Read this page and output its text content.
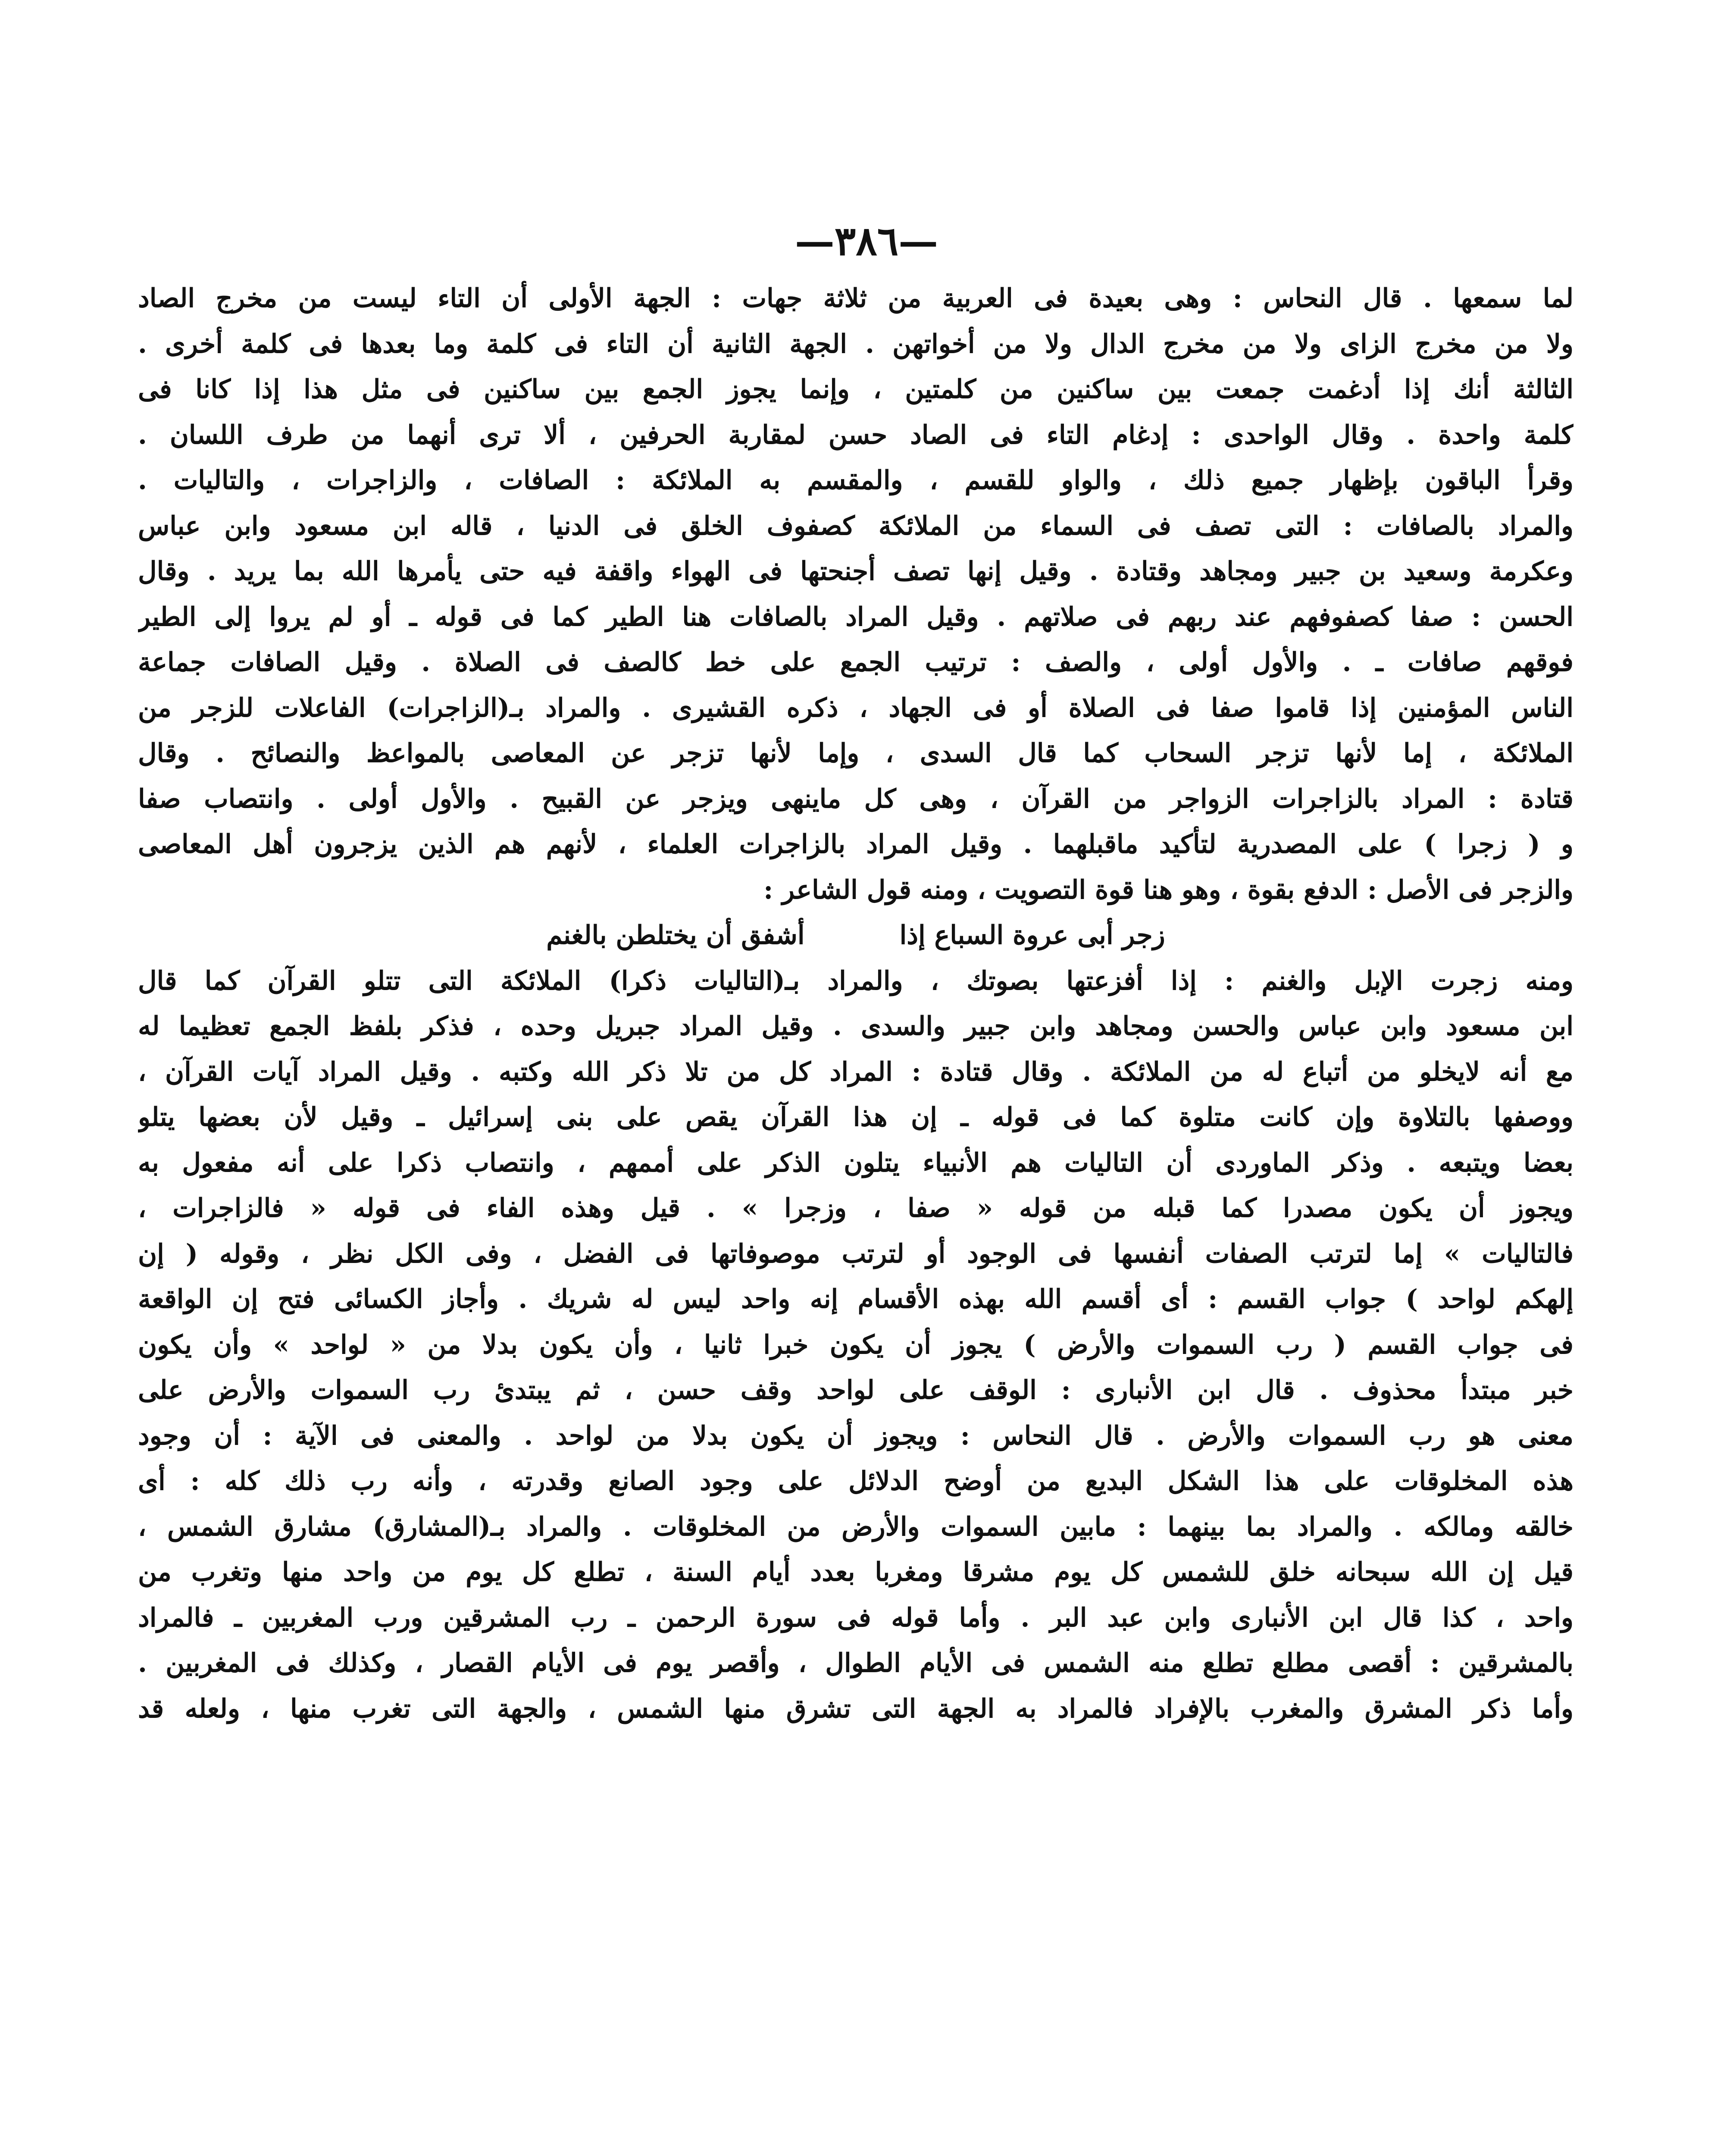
—٣٨٦—
لما سمعها . قال النحاس : وهى بعيدة فى العربية من ثلاثة جهات : الجهة الأولى أن التاء ليست من مخرج الصاد
ولا من مخرج الزاى ولا من مخرج الدال ولا من أخواتهن . الجهة الثانية أن التاء فى كلمة وما بعدها فى كلمة أخرى .
الثالثة أنك إذا أدغمت جمعت بين ساكنين من كلمتين ، وإنما يجوز الجمع بين ساكنين فى مثل هذا إذا كانا فى
كلمة واحدة . وقال الواحدى : إدغام التاء فى الصاد حسن لمقاربة الحرفين ، ألا ترى أنهما من طرف اللسان .
وقرأ الباقون بإظهار جميع ذلك ، والواو للقسم ، والمقسم به الملائكة : الصافات ، والزاجرات ، والتاليات .
والمراد بالصافات : التى تصف فى السماء من الملائكة كصفوف الخلق فى الدنيا ، قاله ابن مسعود وابن عباس
وعكرمة وسعيد بن جبير ومجاهد وقتادة . وقيل إنها تصف أجنحتها فى الهواء واقفة فيه حتى يأمرها الله بما يريد . وقال
الحسن : صفا كصفوفهم عند ربهم فى صلاتهم . وقيل المراد بالصافات هنا الطير كما فى قوله ـ أو لم يروا إلى الطير
فوقهم صافات ـ . والأول أولى ، والصف : ترتيب الجمع على خط كالصف فى الصلاة . وقيل الصافات جماعة
الناس المؤمنين إذا قاموا صفا فى الصلاة أو فى الجهاد ، ذكره القشيرى . والمراد بـ(الزاجرات) الفاعلات للزجر من
الملائكة ، إما لأنها تزجر السحاب كما قال السدى ، وإما لأنها تزجر عن المعاصى بالمواعظ والنصائح . وقال
قتادة : المراد بالزاجرات الزواجر من القرآن ، وهى كل ماينهى ويزجر عن القبيح . والأول أولى . وانتصاب صفا
و ( زجرا ) على المصدرية لتأكيد ماقبلهما . وقيل المراد بالزاجرات العلماء ، لأنهم هم الذين يزجرون أهل المعاصى
والزجر فى الأصل : الدفع بقوة ، وهو هنا قوة التصويت ، ومنه قول الشاعر :
زجر أبى عروة السباع إذا
أشفق أن يختلطن بالغنم
ومنه زجرت الإبل والغنم : إذا أفزعتها بصوتك ، والمراد بـ(التاليات ذكرا) الملائكة التى تتلو القرآن كما قال
ابن مسعود وابن عباس والحسن ومجاهد وابن جبير والسدى . وقيل المراد جبريل وحده ، فذكر بلفظ الجمع تعظيما له
مع أنه لايخلو من أتباع له من الملائكة . وقال قتادة : المراد كل من تلا ذكر الله وكتبه . وقيل المراد آيات القرآن ،
ووصفها بالتلاوة وإن كانت متلوة كما فى قوله ـ إن هذا القرآن يقص على بنى إسرائيل ـ وقيل لأن بعضها يتلو
بعضا ويتبعه . وذكر الماوردى أن التاليات هم الأنبياء يتلون الذكر على أممهم ، وانتصاب ذكرا على أنه مفعول به
ويجوز أن يكون مصدرا كما قبله من قوله « صفا ، وزجرا » . قيل وهذه الفاء فى قوله « فالزاجرات ،
فالتاليات » إما لترتب الصفات أنفسها فى الوجود أو لترتب موصوفاتها فى الفضل ، وفى الكل نظر ، وقوله ( إن
إلهكم لواحد ) جواب القسم : أى أقسم الله بهذه الأقسام إنه واحد ليس له شريك . وأجاز الكسائى فتح إن الواقعة
فى جواب القسم ( رب السموات والأرض ) يجوز أن يكون خبرا ثانيا ، وأن يكون بدلا من « لواحد » وأن يكون
خبر مبتدأ محذوف . قال ابن الأنبارى : الوقف على لواحد وقف حسن ، ثم يبتدئ رب السموات والأرض على
معنى هو رب السموات والأرض . قال النحاس : ويجوز أن يكون بدلا من لواحد . والمعنى فى الآية : أن وجود
هذه المخلوقات على هذا الشكل البديع من أوضح الدلائل على وجود الصانع وقدرته ، وأنه رب ذلك كله : أى
خالقه ومالكه . والمراد بما بينهما : مابين السموات والأرض من المخلوقات . والمراد بـ(المشارق) مشارق الشمس ،
قيل إن الله سبحانه خلق للشمس كل يوم مشرقا ومغربا بعدد أيام السنة ، تطلع كل يوم من واحد منها وتغرب من
واحد ، كذا قال ابن الأنبارى وابن عبد البر . وأما قوله فى سورة الرحمن ـ رب المشرقين ورب المغربين ـ فالمراد
بالمشرقين : أقصى مطلع تطلع منه الشمس فى الأيام الطوال ، وأقصر يوم فى الأيام القصار ، وكذلك فى المغربين .
وأما ذكر المشرق والمغرب بالإفراد فالمراد به الجهة التى تشرق منها الشمس ، والجهة التى تغرب منها ، ولعله قد
